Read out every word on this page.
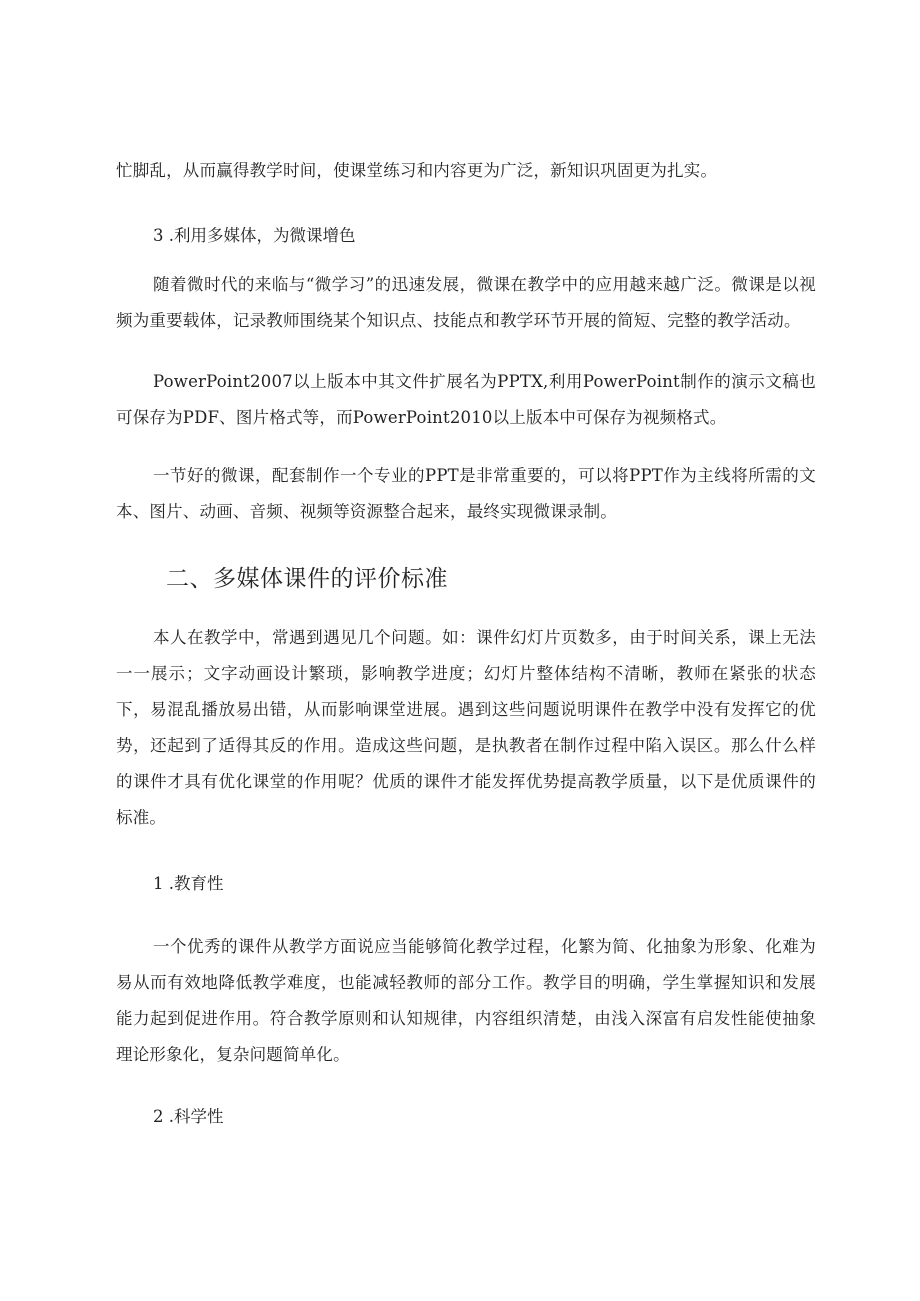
忙脚乱，从而赢得教学时间，使课堂练习和内容更为广泛，新知识巩固更为扎实。

3 .利用多媒体，为微课增色

随着微时代的来临与“微学习”的迅速发展，微课在教学中的应用越来越广泛。微课是以视频为重要载体，记录教师围绕某个知识点、技能点和教学环节开展的简短、完整的教学活动。

PowerPoint2007以上版本中其文件扩展名为PPTX,利用PowerPoint制作的演示文稿也可保存为PDF、图片格式等，而PowerPoint2010以上版本中可保存为视频格式。

一节好的微课，配套制作一个专业的PPT是非常重要的，可以将PPT作为主线将所需的文本、图片、动画、音频、视频等资源整合起来，最终实现微课录制。

二、多媒体课件的评价标准

本人在教学中，常遇到遇见几个问题。如：课件幻灯片页数多，由于时间关系，课上无法一一展示；文字动画设计繁琐，影响教学进度；幻灯片整体结构不清晰，教师在紧张的状态下，易混乱播放易出错，从而影响课堂进展。遇到这些问题说明课件在教学中没有发挥它的优势，还起到了适得其反的作用。造成这些问题，是执教者在制作过程中陷入误区。那么什么样的课件才具有优化课堂的作用呢？优质的课件才能发挥优势提高教学质量，以下是优质课件的标准。

1 .教育性

一个优秀的课件从教学方面说应当能够简化教学过程，化繁为简、化抽象为形象、化难为易从而有效地降低教学难度，也能减轻教师的部分工作。教学目的明确，学生掌握知识和发展能力起到促进作用。符合教学原则和认知规律，内容组织清楚，由浅入深富有启发性能使抽象理论形象化，复杂问题简单化。

2 .科学性
